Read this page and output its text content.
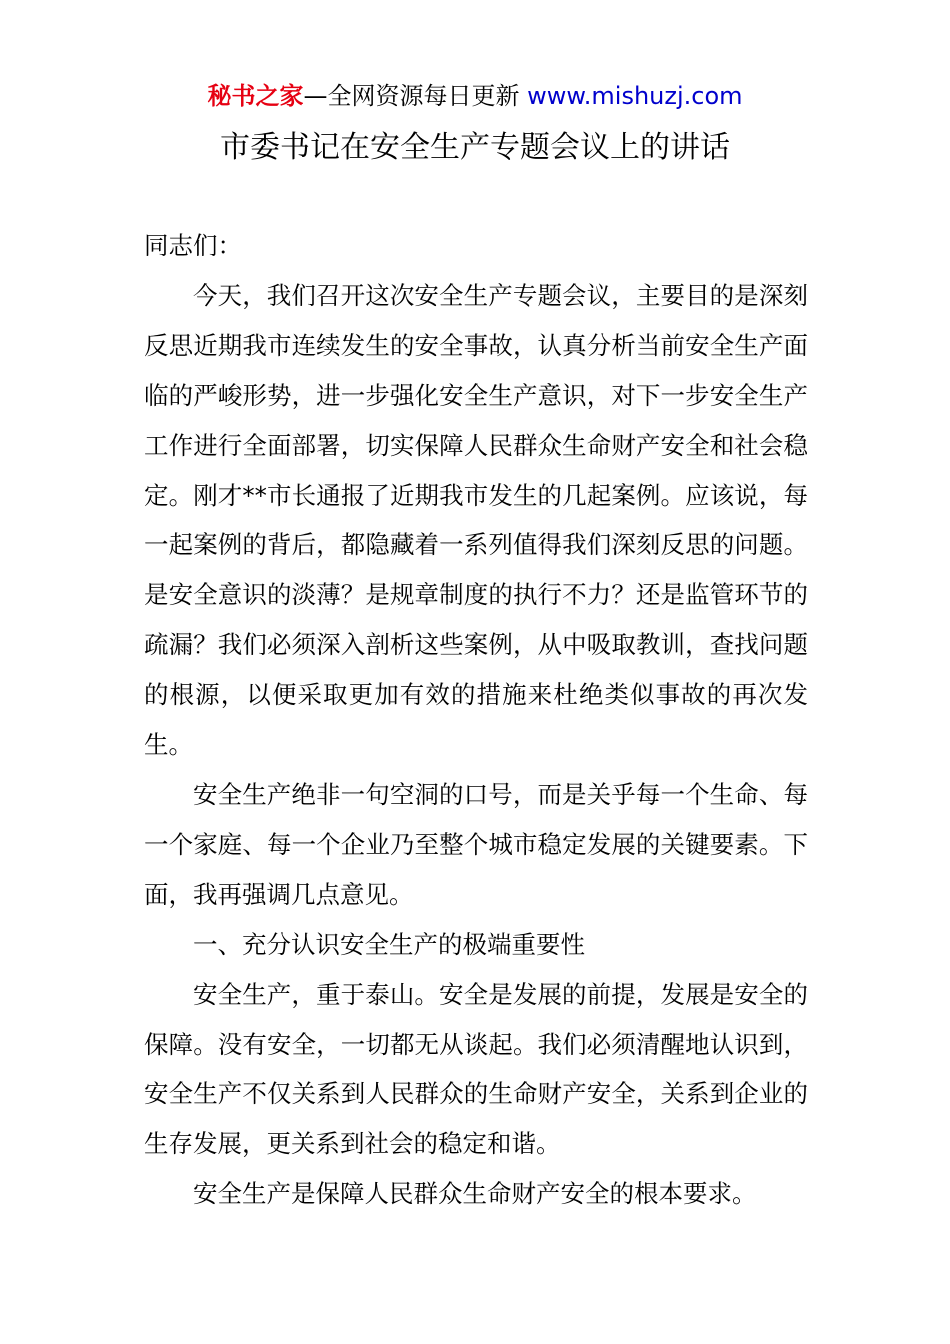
秘书之家—全网资源每日更新 www.mishuzj.com
市委书记在安全生产专题会议上的讲话

同志们：

今天，我们召开这次安全生产专题会议，主要目的是深刻反思近期我市连续发生的安全事故，认真分析当前安全生产面临的严峻形势，进一步强化安全生产意识，对下一步安全生产工作进行全面部署，切实保障人民群众生命财产安全和社会稳定。刚才**市长通报了近期我市发生的几起案例。应该说，每一起案例的背后，都隐藏着一系列值得我们深刻反思的问题。是安全意识的淡薄？是规章制度的执行不力？还是监管环节的疏漏？我们必须深入剖析这些案例，从中吸取教训，查找问题的根源，以便采取更加有效的措施来杜绝类似事故的再次发生。

安全生产绝非一句空洞的口号，而是关乎每一个生命、每一个家庭、每一个企业乃至整个城市稳定发展的关键要素。下面，我再强调几点意见。

一、充分认识安全生产的极端重要性

安全生产，重于泰山。安全是发展的前提，发展是安全的保障。没有安全，一切都无从谈起。我们必须清醒地认识到，安全生产不仅关系到人民群众的生命财产安全，关系到企业的生存发展，更关系到社会的稳定和谐。

安全生产是保障人民群众生命财产安全的根本要求。
